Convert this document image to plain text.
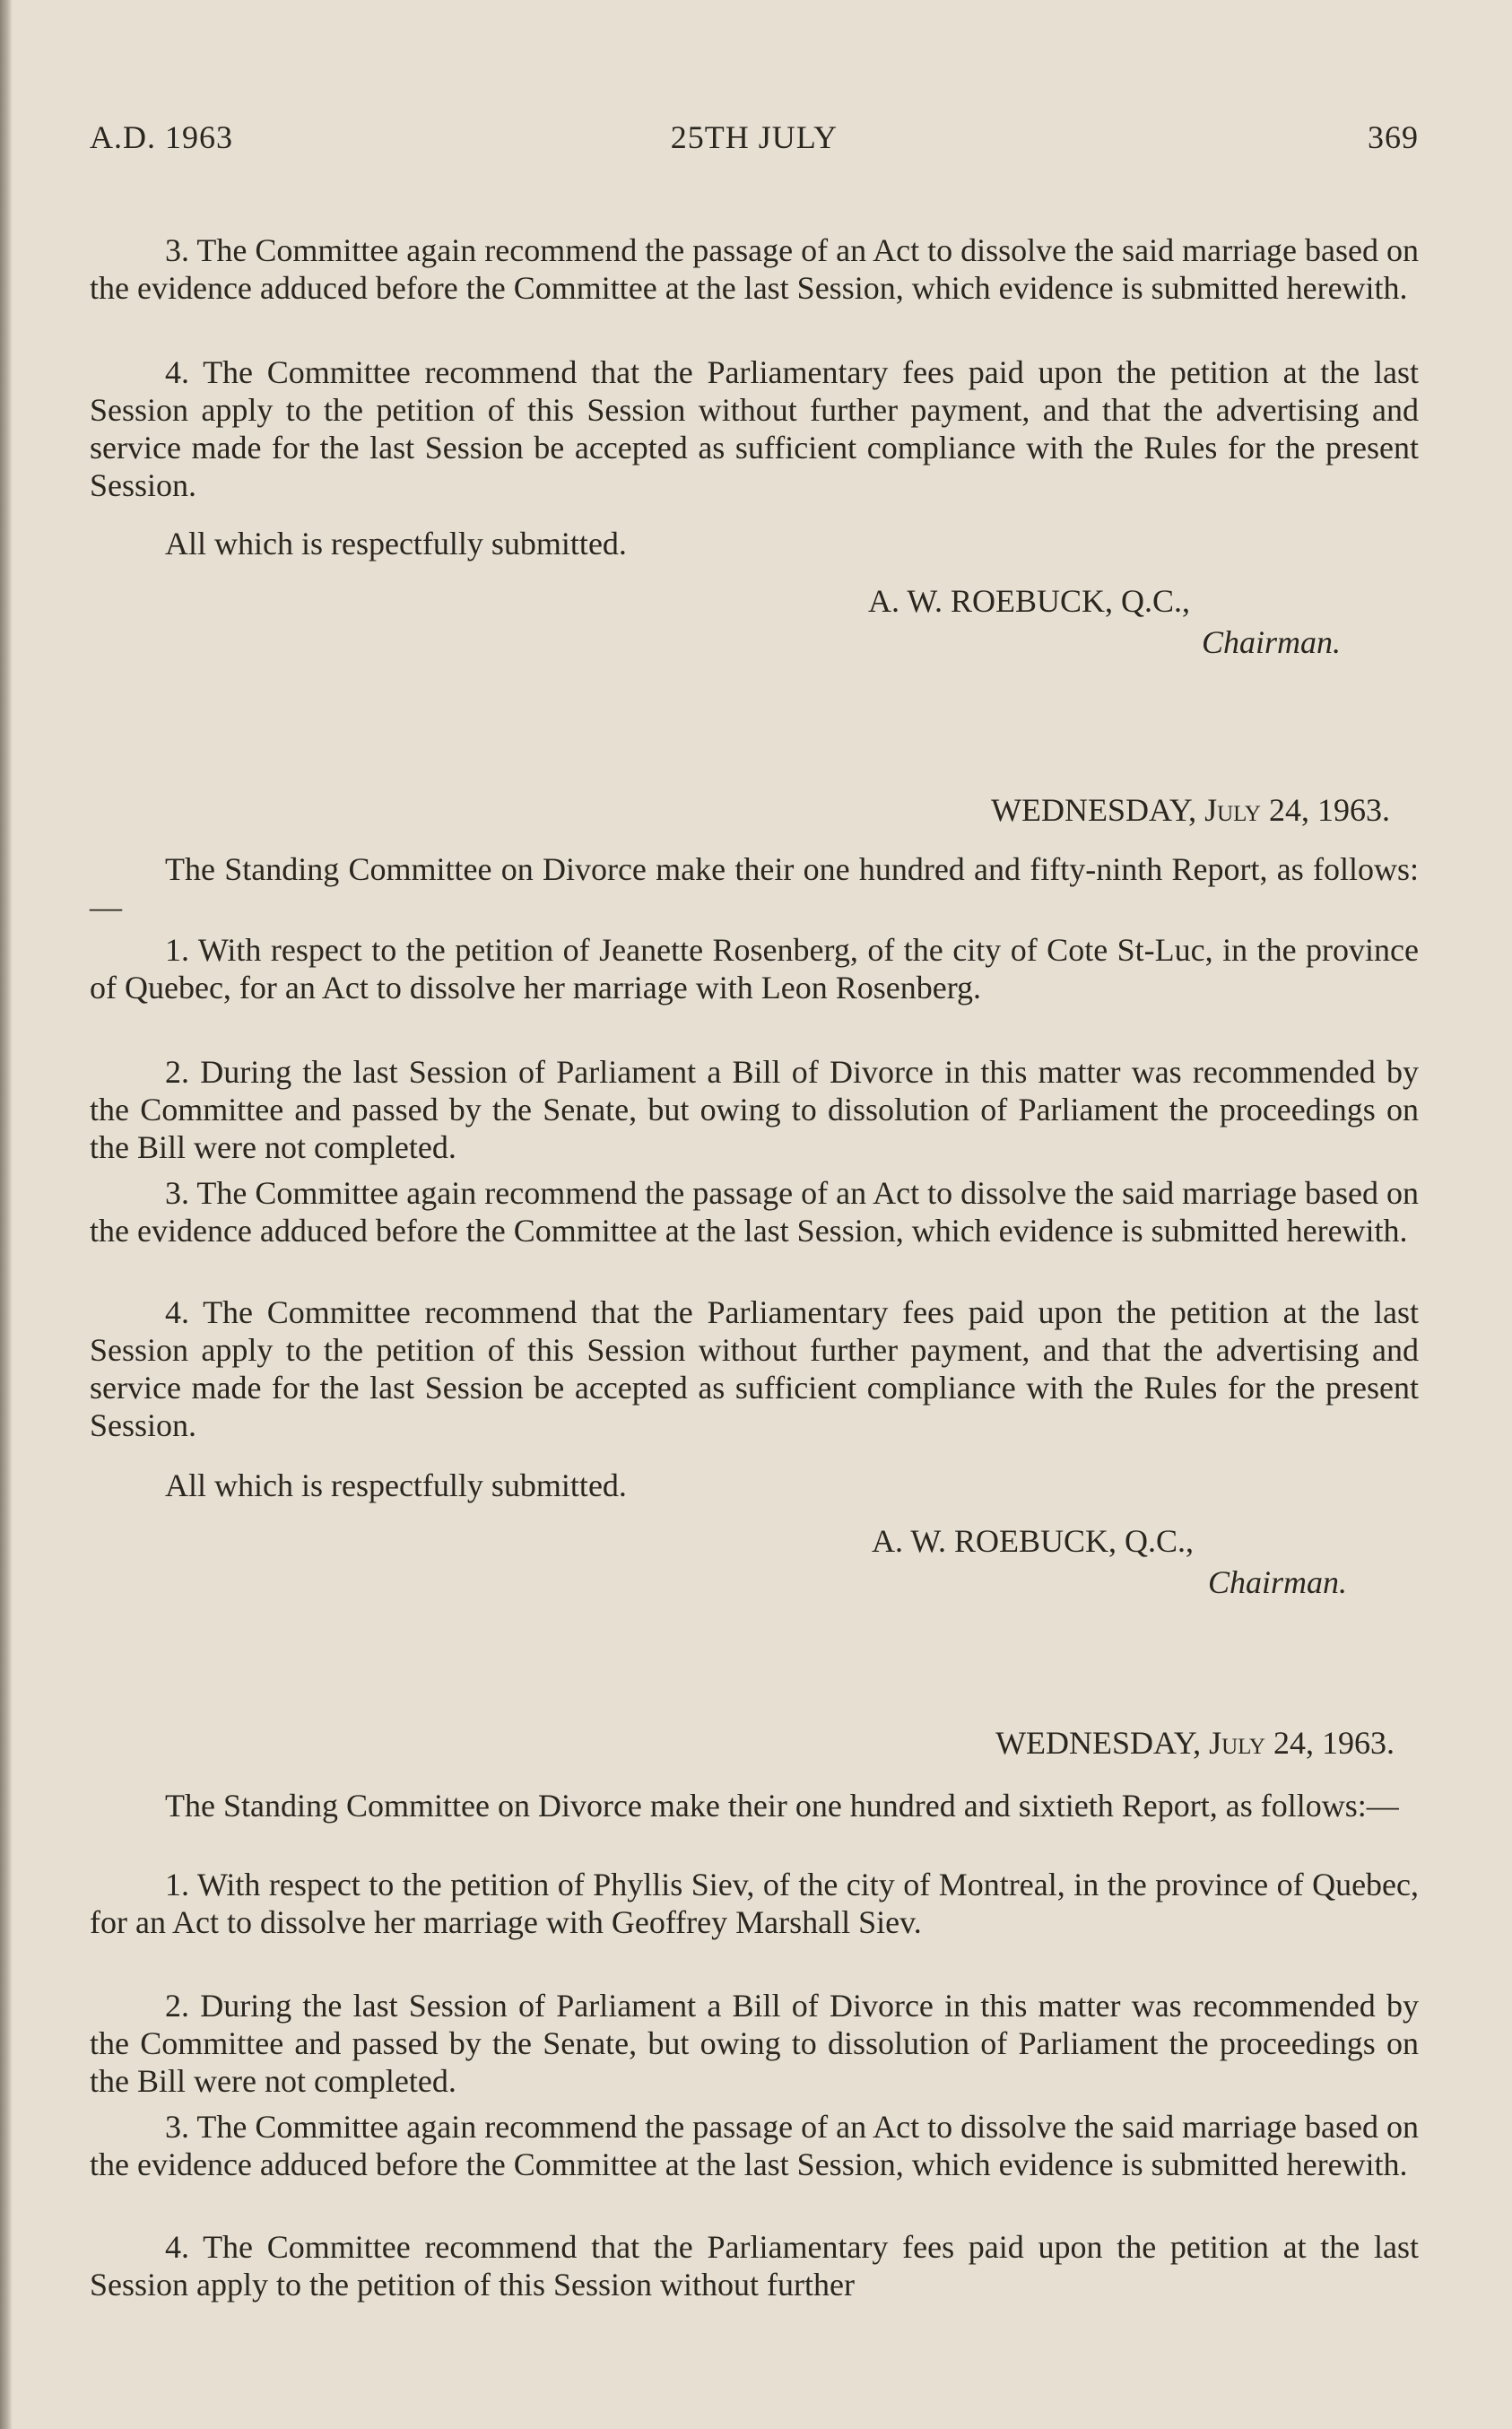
A.D. 1963	25TH JULY	369
3. The Committee again recommend the passage of an Act to dissolve the said marriage based on the evidence adduced before the Committee at the last Session, which evidence is submitted herewith.
4. The Committee recommend that the Parliamentary fees paid upon the petition at the last Session apply to the petition of this Session without further payment, and that the advertising and service made for the last Session be accepted as sufficient compliance with the Rules for the present Session.
All which is respectfully submitted.
A. W. ROEBUCK, Q.C.,
Chairman.
WEDNESDAY, July 24, 1963.
The Standing Committee on Divorce make their one hundred and fifty-ninth Report, as follows:—
1. With respect to the petition of Jeanette Rosenberg, of the city of Cote St-Luc, in the province of Quebec, for an Act to dissolve her marriage with Leon Rosenberg.
2. During the last Session of Parliament a Bill of Divorce in this matter was recommended by the Committee and passed by the Senate, but owing to dissolution of Parliament the proceedings on the Bill were not completed.
3. The Committee again recommend the passage of an Act to dissolve the said marriage based on the evidence adduced before the Committee at the last Session, which evidence is submitted herewith.
4. The Committee recommend that the Parliamentary fees paid upon the petition at the last Session apply to the petition of this Session without further payment, and that the advertising and service made for the last Session be accepted as sufficient compliance with the Rules for the present Session.
All which is respectfully submitted.
A. W. ROEBUCK, Q.C.,
Chairman.
WEDNESDAY, July 24, 1963.
The Standing Committee on Divorce make their one hundred and sixtieth Report, as follows:—
1. With respect to the petition of Phyllis Siev, of the city of Montreal, in the province of Quebec, for an Act to dissolve her marriage with Geoffrey Marshall Siev.
2. During the last Session of Parliament a Bill of Divorce in this matter was recommended by the Committee and passed by the Senate, but owing to dissolution of Parliament the proceedings on the Bill were not completed.
3. The Committee again recommend the passage of an Act to dissolve the said marriage based on the evidence adduced before the Committee at the last Session, which evidence is submitted herewith.
4. The Committee recommend that the Parliamentary fees paid upon the petition at the last Session apply to the petition of this Session without further
